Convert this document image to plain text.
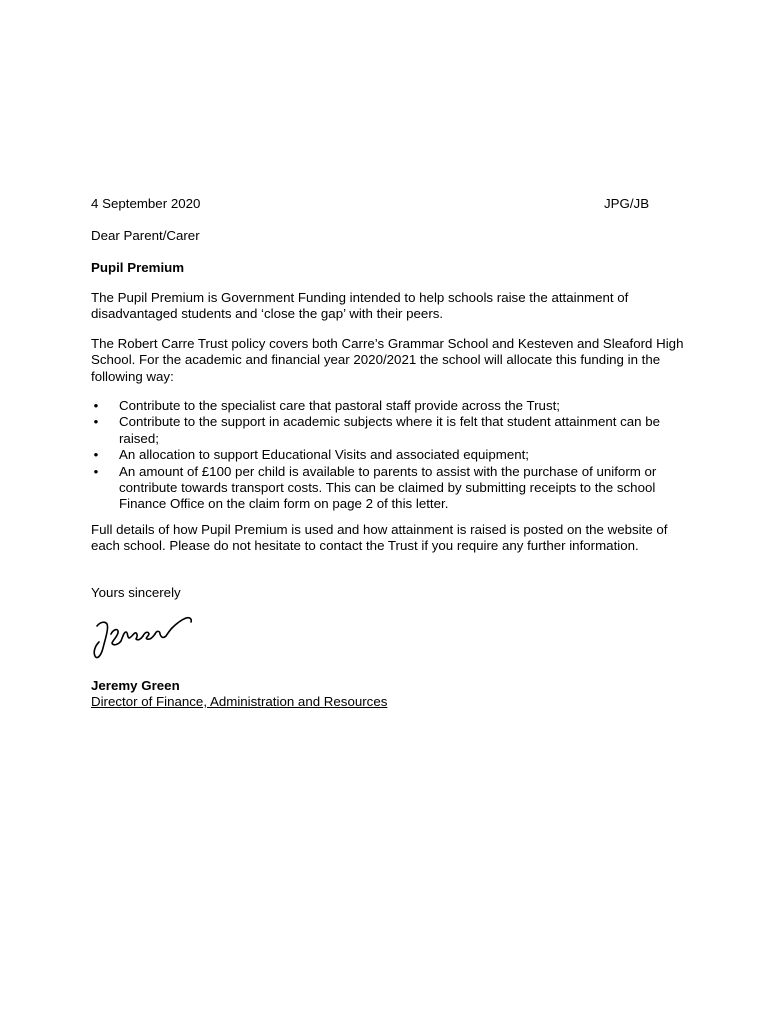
4 September 2020	JPG/JB
Dear Parent/Carer
Pupil Premium
The Pupil Premium is Government Funding intended to help schools raise the attainment of disadvantaged students and ‘close the gap’ with their peers.
The Robert Carre Trust policy covers both Carre’s Grammar School and Kesteven and Sleaford High School. For the academic and financial year 2020/2021 the school will allocate this funding in the following way:
• Contribute to the specialist care that pastoral staff provide across the Trust;
• Contribute to the support in academic subjects where it is felt that student attainment can be raised;
• An allocation to support Educational Visits and associated equipment;
• An amount of £100 per child is available to parents to assist with the purchase of uniform or contribute towards transport costs. This can be claimed by submitting receipts to the school Finance Office on the claim form on page 2 of this letter.
Full details of how Pupil Premium is used and how attainment is raised is posted on the website of each school. Please do not hesitate to contact the Trust if you require any further information.
Yours sincerely
Jeremy Green
Director of Finance, Administration and Resources
